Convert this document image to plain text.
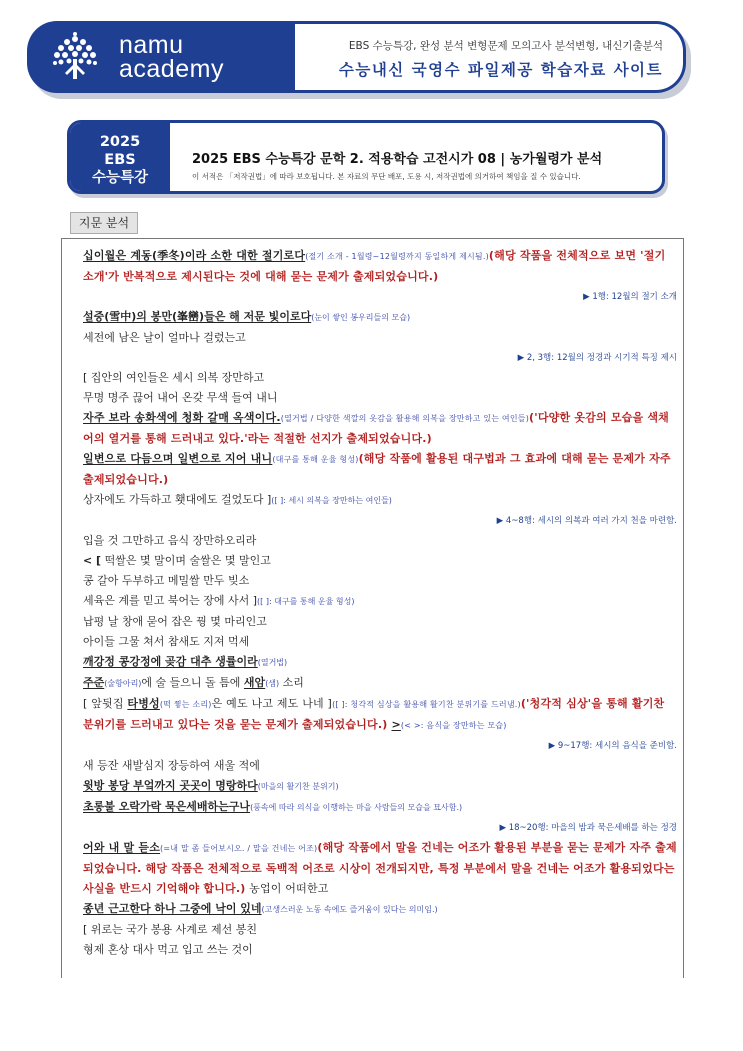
namu
academy
EBS 수능특강, 완성 분석 변형문제 모의고사 분석변형, 내신기출분석
수능내신 국영수 파일제공 학습자료 사이트
2025
EBS
수능특강
2025 EBS 수능특강 문학 2. 적용학습 고전시가 08 | 농가월령가 분석
이 서적은 「저작권법」에 따라 보호됩니다. 본 자료의 무단 배포, 도용 시, 저작권법에 의거하여 책임을 질 수 있습니다.
지문 분석
십이월은 계동(季冬)이라 소한 대한 절기로다(절기 소개 - 1월령~12월령까지 동일하게 제시됨.)(해당 작품을 전체적으로 보면 '절기 소개'가 반복적으로 제시된다는 것에 대해 묻는 문제가 출제되었습니다.)
▶ 1행: 12월의 절기 소개
설중(雪中)의 봉만(峯巒)들은 해 저문 빛이로다(눈이 쌓인 봉우리들의 모습)
세전에 남은 날이 얼마나 걸렸는고
▶ 2, 3행: 12월의 정경과 시기적 특징 제시
[ 집안의 여인들은 세시 의복 장만하고
무명 명주 끊어 내어 온갖 무색 들여 내니
자주 보라 송화색에 청화 갈매 옥색이다.(열거법 / 다양한 색깔의 옷감을 활용해 의복을 장만하고 있는 여인들)('다양한 옷감의 모습을 색채어의 열거를 통해 드러내고 있다.'라는 적절한 선지가 출제되었습니다.)
일변으로 다듬으며 일변으로 지어 내니(대구를 통해 운율 형성)(해당 작품에 활용된 대구법과 그 효과에 대해 묻는 문제가 자주 출제되었습니다.)
상자에도 가득하고 횃대에도 걸었도다 ]([ ]: 세시 의복을 장만하는 여인들)
▶ 4~8행: 세시의 의복과 여러 가지 천을 마련함.
입을 것 그만하고 음식 장만하오리라
< [ 떡쌀은 몇 말이며 술쌀은 몇 말인고
콩 갈아 두부하고 메밀쌀 만두 빚소
세육은 계를 믿고 북어는 장에 사서 ]([ ]: 대구를 통해 운율 형성)
납평 날 창애 묻어 잡은 꿩 몇 마리인고
아이들 그물 쳐서 참새도 지져 먹세
깨강정 콩강정에 곶감 대추 생률이라(열거법)
주준(술항아리)에 술 들으니 돌 틈에 새암(샘) 소리
[ 앞뒷집 타병성(떡 찧는 소리)은 예도 나고 제도 나네 ]([ ]: 청각적 심상을 활용해 활기찬 분위기를 드러냄.)('청각적 심상'을 통해 활기찬 분위기를 드러내고 있다는 것을 묻는 문제가 출제되었습니다.) >(< >: 음식을 장만하는 모습)
▶ 9~17행: 세시의 음식을 준비함.
새 등잔 새발심지 장등하여 새울 적에
윗방 봉당 부엌까지 곳곳이 명랑하다(마을의 활기찬 분위기)
초롱불 오락가락 묵은세배하는구나(풍속에 따라 의식을 이행하는 마을 사람들의 모습을 묘사함.)
▶ 18~20행: 마을의 밤과 묵은세배를 하는 정경
어와 내 말 듣소(=내 말 좀 들어보시오. / 말을 건네는 어조)(해당 작품에서 말을 건네는 어조가 활용된 부분을 묻는 문제가 자주 출제되었습니다. 해당 작품은 전체적으로 독백적 어조로 시상이 전개되지만, 특정 부분에서 말을 건네는 어조가 활용되었다는 사실을 반드시 기억해야 합니다.) 농업이 어떠한고
종년 근고한다 하나 그중에 낙이 있네(고생스러운 노동 속에도 즐거움이 있다는 의미임.)
[ 위로는 국가 봉용 사계로 제선 봉친
형제 혼상 대사 먹고 입고 쓰는 것이
